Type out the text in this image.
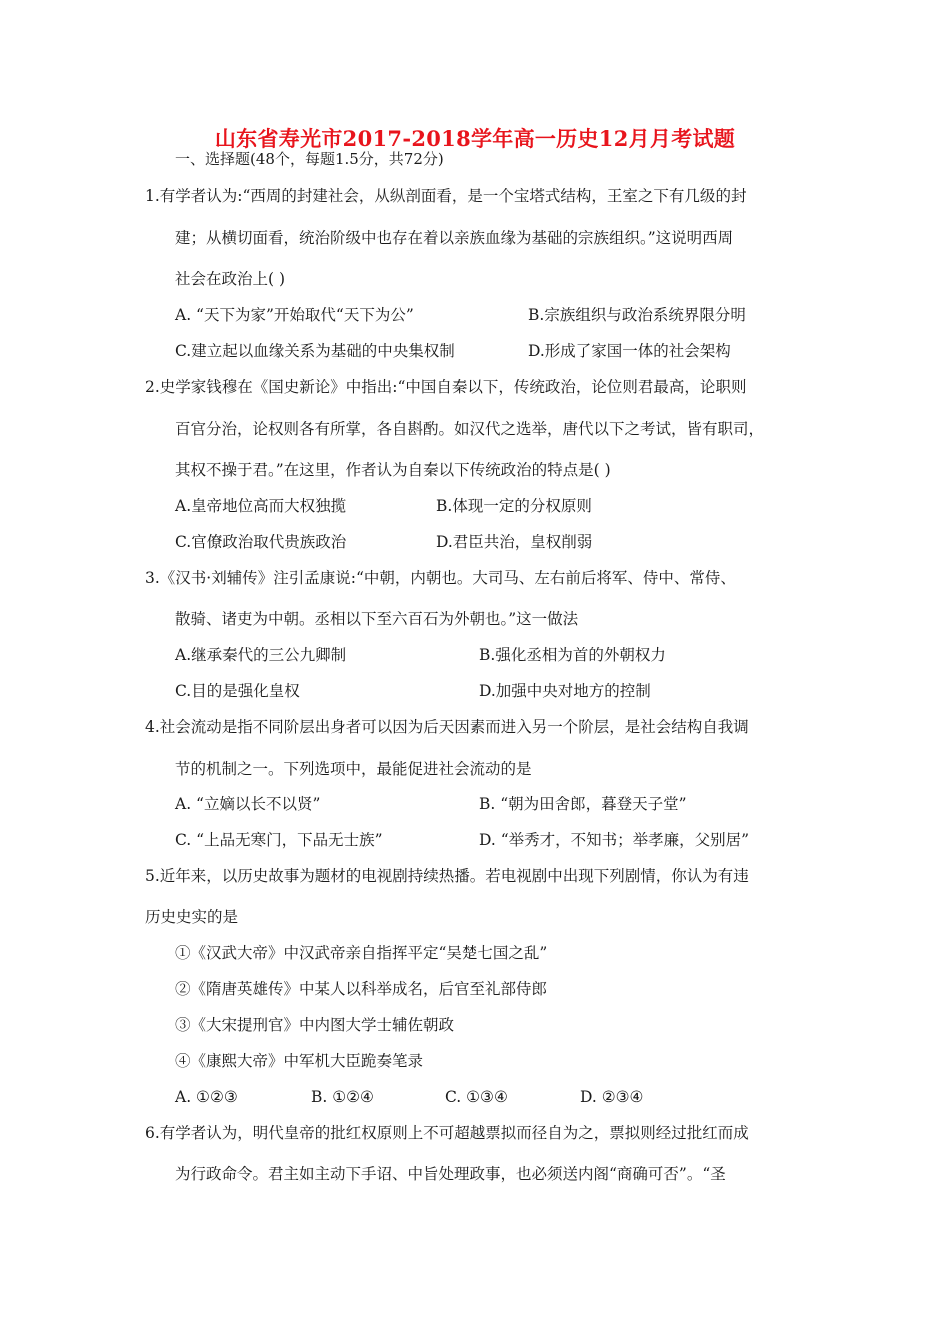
山东省寿光市2017-2018学年高一历史12月月考试题
一、选择题(48个，每题1.5分，共72分)
1.有学者认为:“西周的封建社会，从纵剖面看，是一个宝塔式结构，王室之下有几级的封
建；从横切面看，统治阶级中也存在着以亲族血缘为基础的宗族组织。”这说明西周
社会在政治上( )
A. “天下为家”开始取代“天下为公”	B.宗族组织与政治系统界限分明
C.建立起以血缘关系为基础的中央集权制	D.形成了家国一体的社会架构
2.史学家钱穆在《国史新论》中指出:“中国自秦以下，传统政治，论位则君最高，论职则
百官分治，论权则各有所掌，各自斟酌。如汉代之选举，唐代以下之考试，皆有职司，
其权不操于君。”在这里，作者认为自秦以下传统政治的特点是( )
A.皇帝地位高而大权独揽	B.体现一定的分权原则
C.官僚政治取代贵族政治	D.君臣共治，皇权削弱
3.《汉书·刘辅传》注引孟康说:“中朝，内朝也。大司马、左右前后将军、侍中、常侍、
散骑、诸吏为中朝。丞相以下至六百石为外朝也。”这一做法
A.继承秦代的三公九卿制	B.强化丞相为首的外朝权力
C.目的是强化皇权	D.加强中央对地方的控制
4.社会流动是指不同阶层出身者可以因为后天因素而进入另一个阶层，是社会结构自我调
节的机制之一。下列选项中，最能促进社会流动的是
A. “立嫡以长不以贤”	B. “朝为田舍郎，暮登天子堂”
C. “上品无寒门，下品无士族”	D. “举秀才，不知书；举孝廉，父别居”
5.近年来，以历史故事为题材的电视剧持续热播。若电视剧中出现下列剧情，你认为有违
历史史实的是
①《汉武大帝》中汉武帝亲自指挥平定“吴楚七国之乱”
②《隋唐英雄传》中某人以科举成名，后官至礼部侍郎
③《大宋提刑官》中内图大学士辅佐朝政
④《康熙大帝》中军机大臣跪奏笔录
A. ①②③	B. ①②④	C. ①③④	D. ②③④
6.有学者认为，明代皇帝的批红权原则上不可超越票拟而径自为之，票拟则经过批红而成
为行政命令。君主如主动下手诏、中旨处理政事，也必须送内阁“商确可否”。“圣
